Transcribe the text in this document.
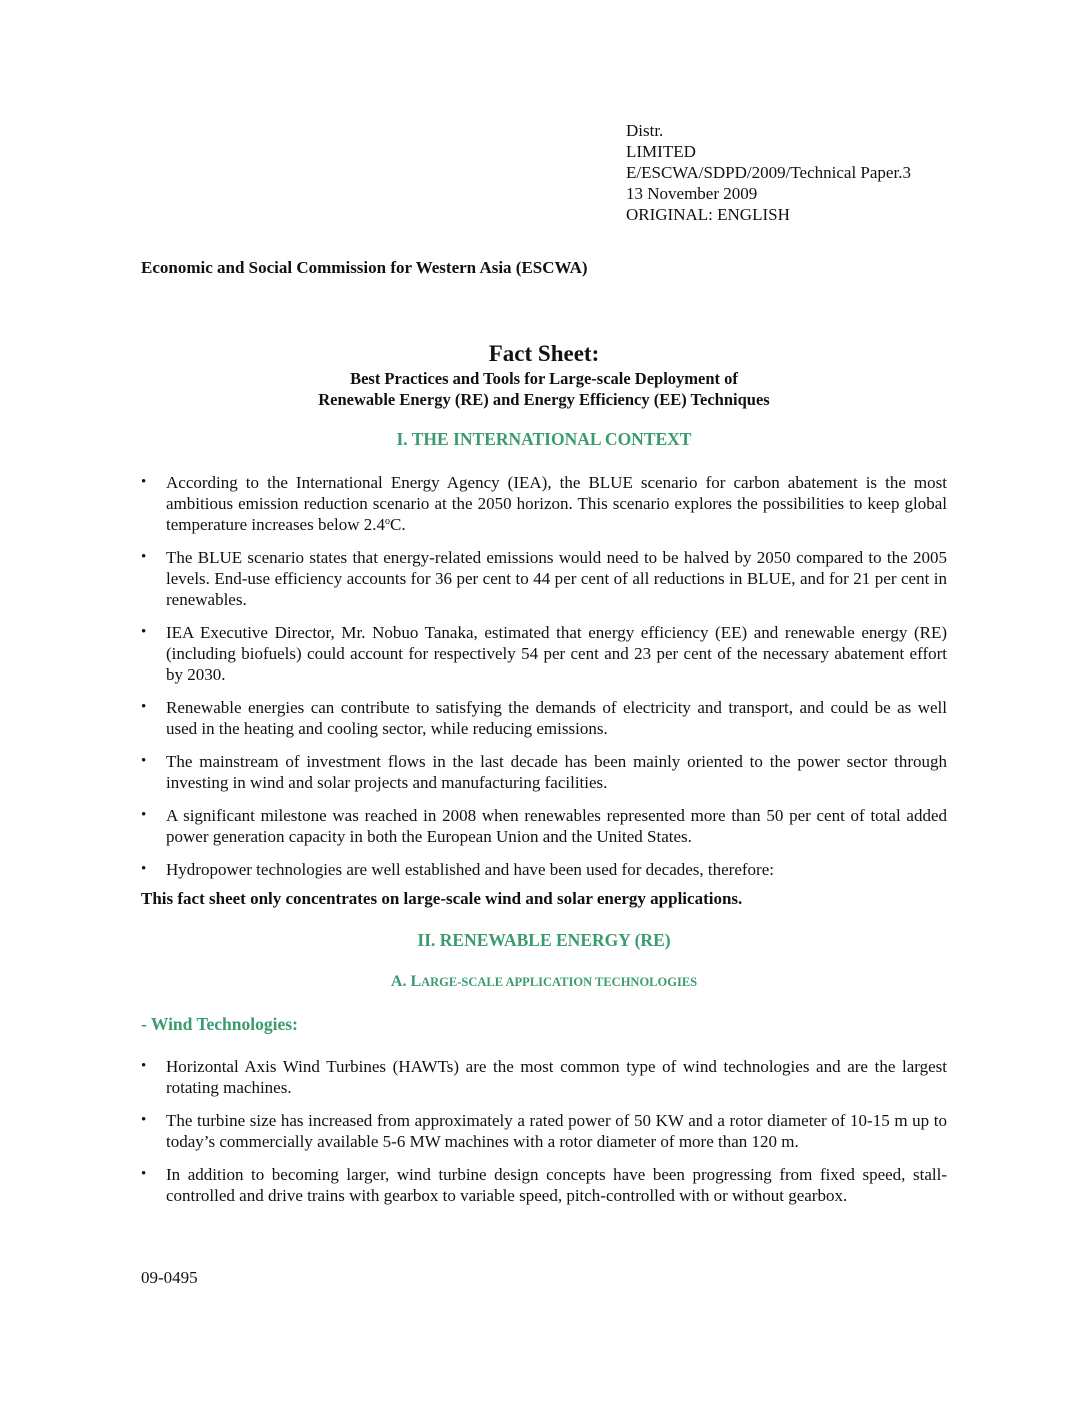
Distr.
LIMITED
E/ESCWA/SDPD/2009/Technical Paper.3
13 November 2009
ORIGINAL: ENGLISH
Economic and Social Commission for Western Asia (ESCWA)
Fact Sheet:
Best Practices and Tools for Large-scale Deployment of
Renewable Energy (RE) and Energy Efficiency (EE) Techniques
I. THE INTERNATIONAL CONTEXT
• According to the International Energy Agency (IEA), the BLUE scenario for carbon abatement is the most ambitious emission reduction scenario at the 2050 horizon. This scenario explores the possibilities to keep global temperature increases below 2.4$^o$C.
• The BLUE scenario states that energy-related emissions would need to be halved by 2050 compared to the 2005 levels. End-use efficiency accounts for 36 per cent to 44 per cent of all reductions in BLUE, and for 21 per cent in renewables.
• IEA Executive Director, Mr. Nobuo Tanaka, estimated that energy efficiency (EE) and renewable energy (RE) (including biofuels) could account for respectively 54 per cent and 23 per cent of the necessary abatement effort by 2030.
• Renewable energies can contribute to satisfying the demands of electricity and transport, and could be as well used in the heating and cooling sector, while reducing emissions.
• The mainstream of investment flows in the last decade has been mainly oriented to the power sector through investing in wind and solar projects and manufacturing facilities.
• A significant milestone was reached in 2008 when renewables represented more than 50 per cent of total added power generation capacity in both the European Union and the United States.
• Hydropower technologies are well established and have been used for decades, therefore:
This fact sheet only concentrates on large-scale wind and solar energy applications.
II. RENEWABLE ENERGY (RE)
A. LARGE-SCALE APPLICATION TECHNOLOGIES
- Wind Technologies:
• Horizontal Axis Wind Turbines (HAWTs) are the most common type of wind technologies and are the largest rotating machines.
• The turbine size has increased from approximately a rated power of 50 KW and a rotor diameter of 10-15 m up to today’s commercially available 5-6 MW machines with a rotor diameter of more than 120 m.
• In addition to becoming larger, wind turbine design concepts have been progressing from fixed speed, stall-controlled and drive trains with gearbox to variable speed, pitch-controlled with or without gearbox.
09-0495
